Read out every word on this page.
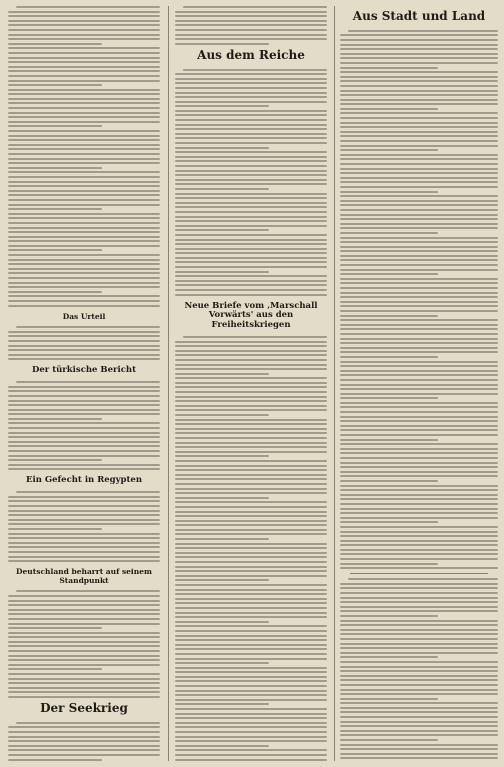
Das Urteil
Der türkische Bericht
Ein Gefecht in Regypten
Deutschland beharrt auf seinem Standpunkt
Der Seekrieg
Aus dem Reiche
Neue Briefe vom ‚Marschall Vorwärts' aus den Freiheitskriegen
Aus Stadt und Land
